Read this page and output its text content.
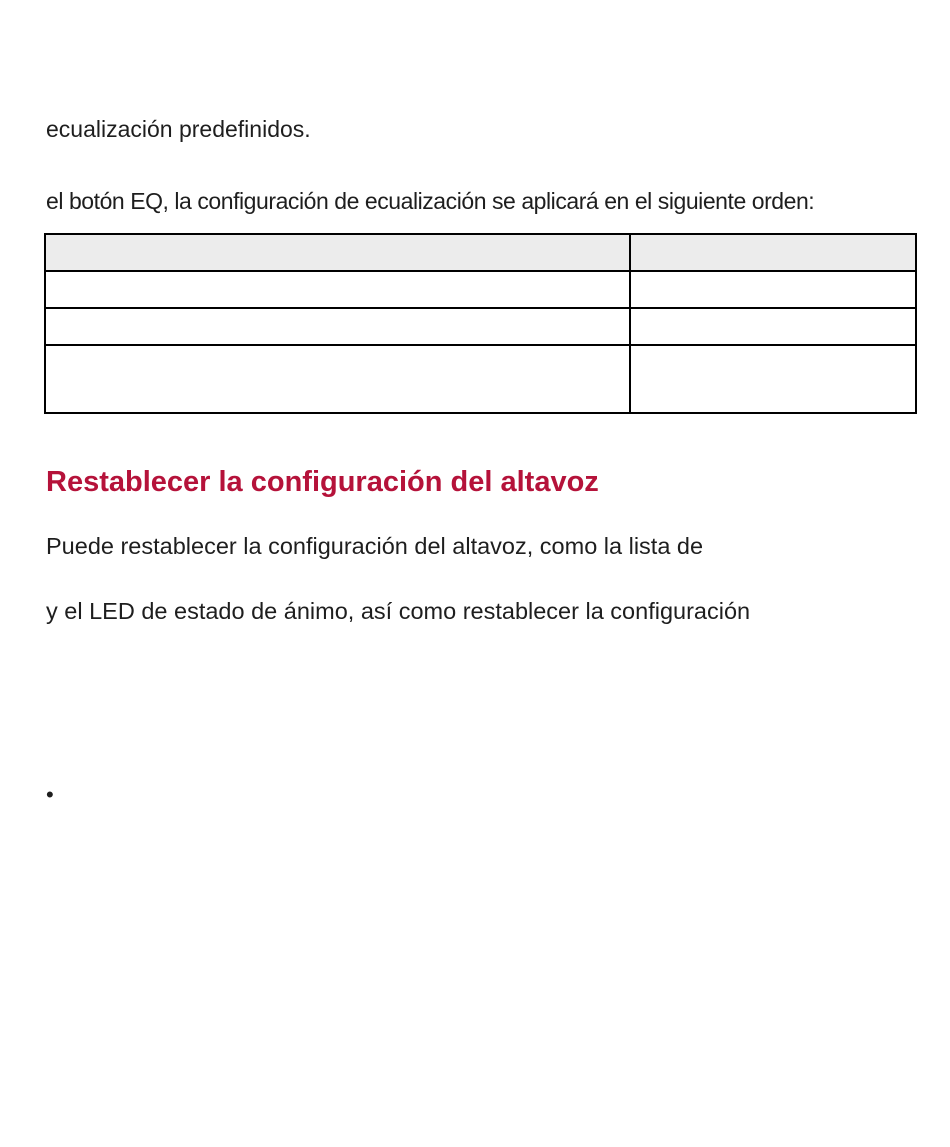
ecualización predefinidos.

el botón EQ, la configuración de ecualización se aplicará en el siguiente orden:

Restablecer la configuración del altavoz

Puede restablecer la configuración del altavoz, como la lista de

y el LED de estado de ánimo, así como restablecer la configuración

•
